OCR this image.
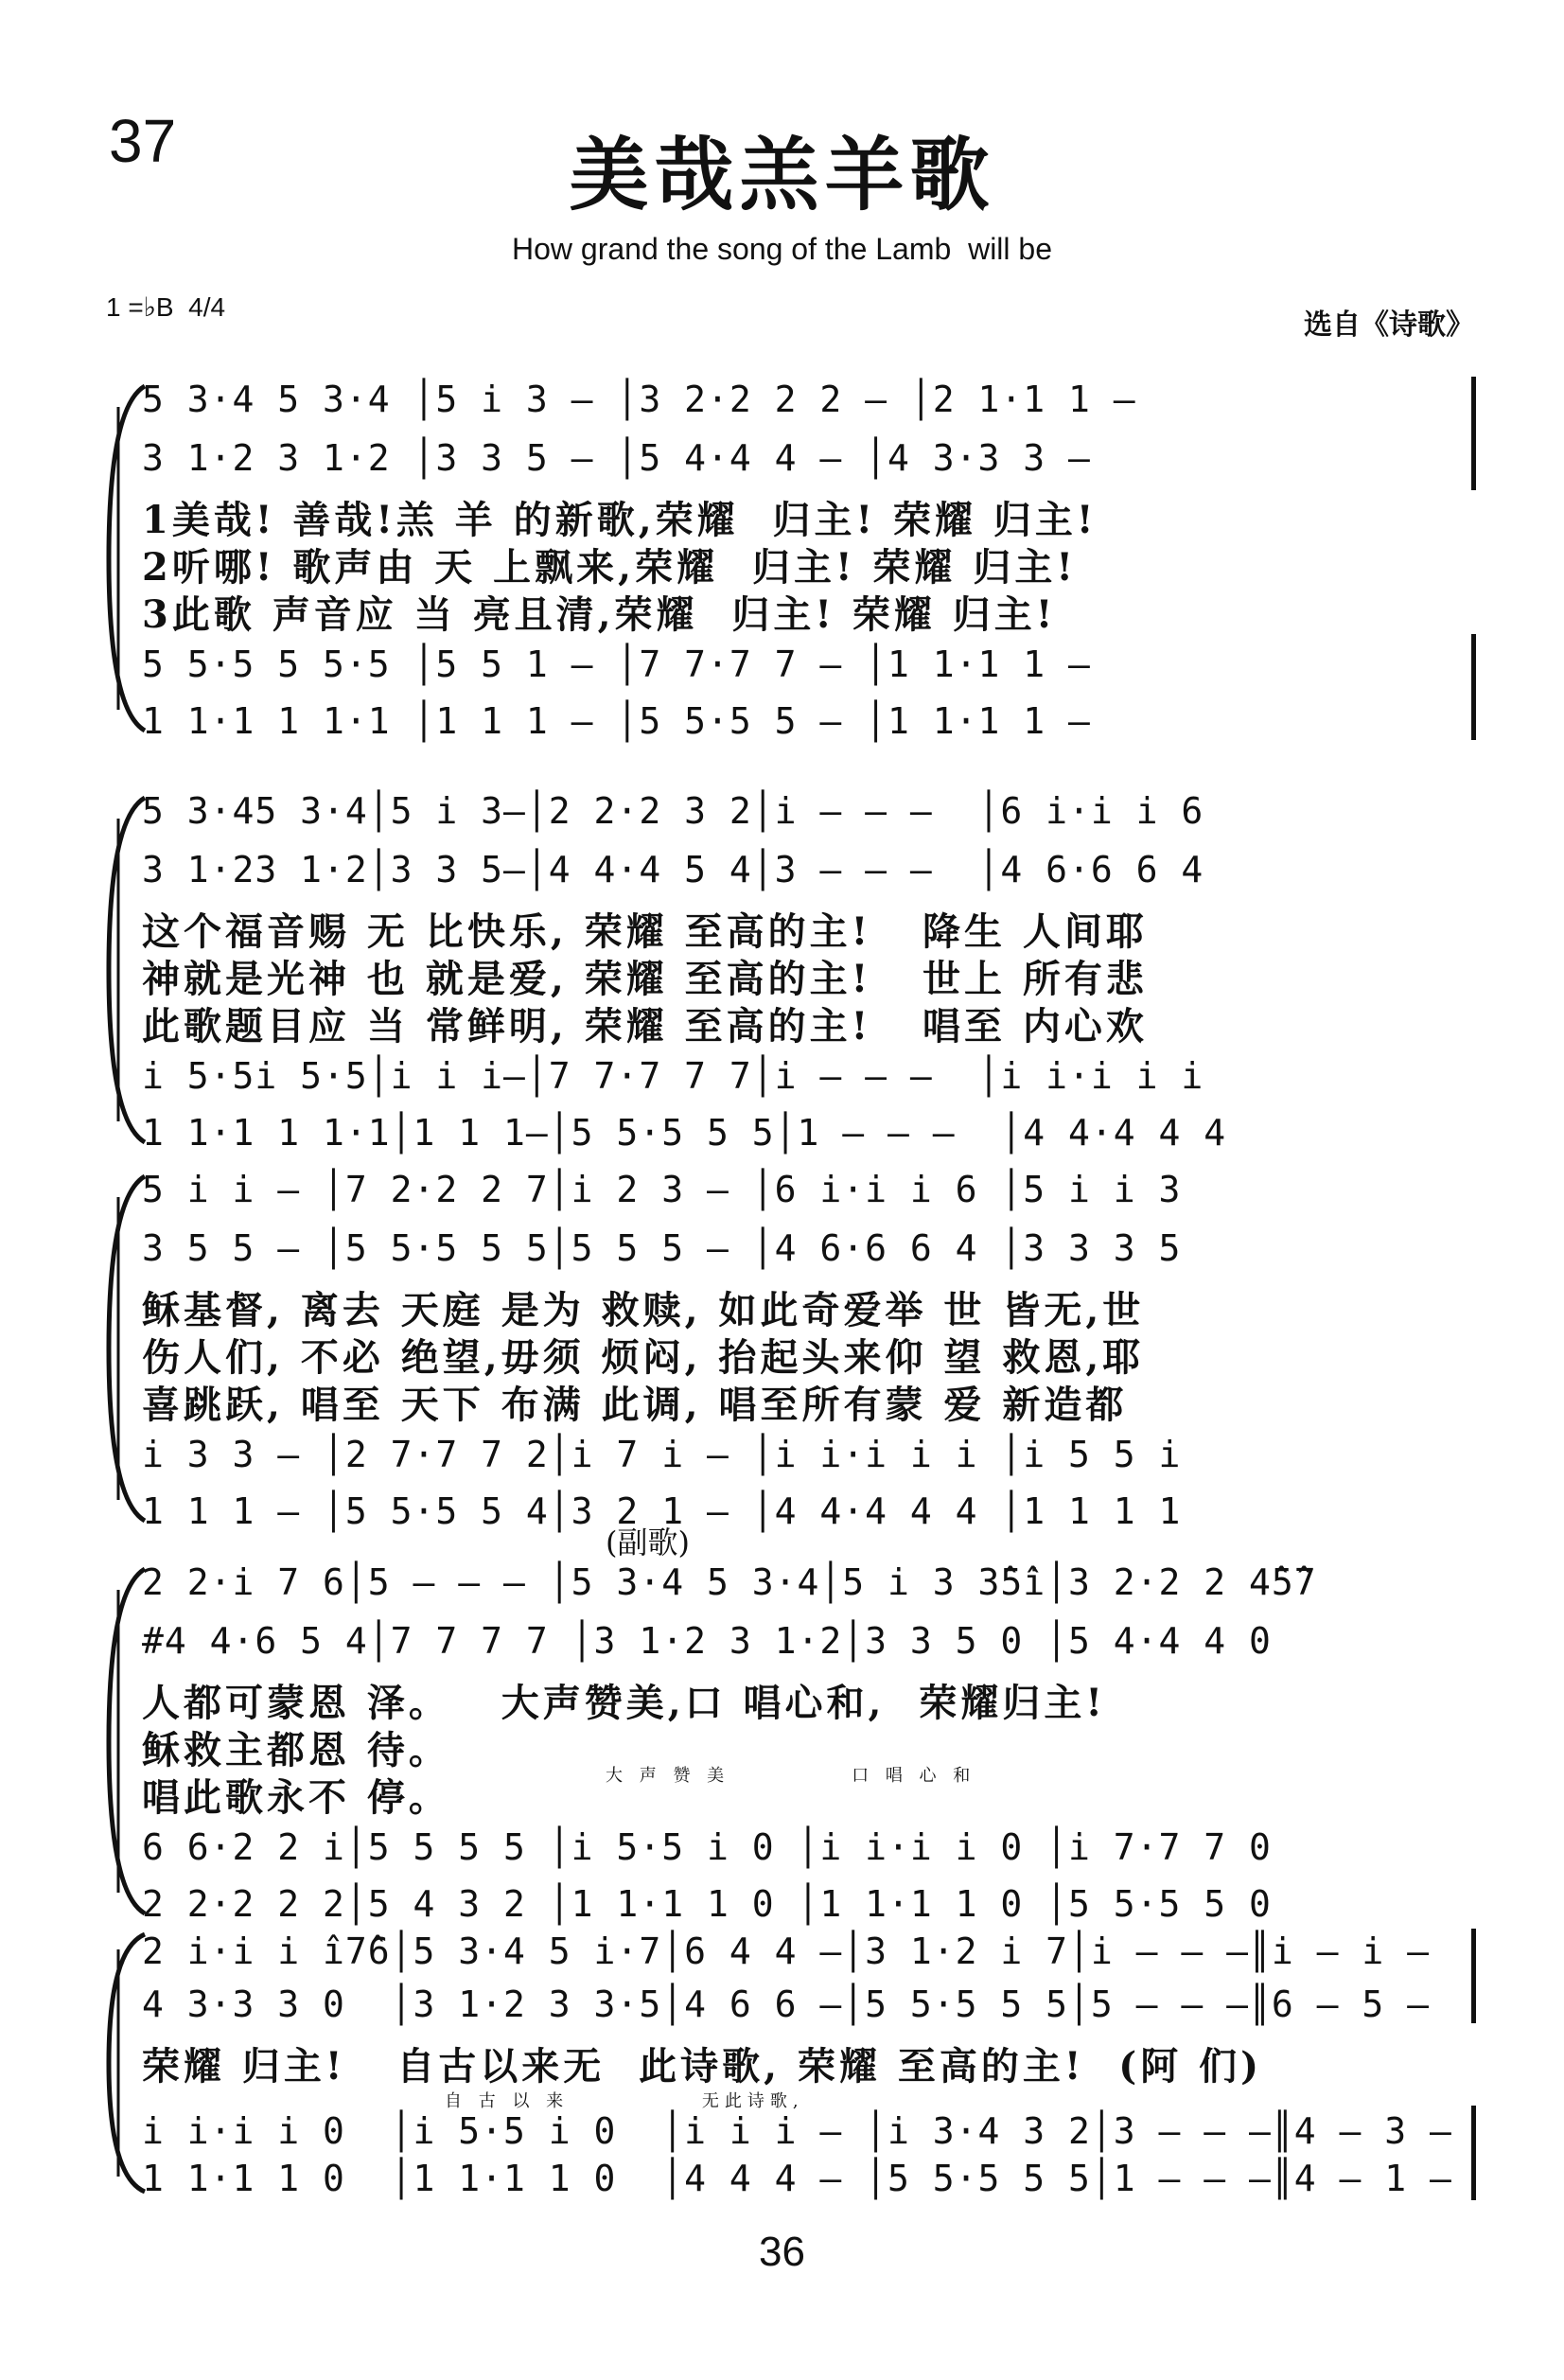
37	美哉羔羊歌
How grand the song of the Lamb  will be
1 =♭B  4/4
选自《诗歌》
5 3·4 5 3·4 │5 i 3 – │3 2·2 2 2 – │2 1·1 1 –
3 1·2 3 1·2 │3 3 5 – │5 4·4 4 – │4 3·3 3 –
1美哉! 善哉!羔 羊 的新歌,荣耀  归主! 荣耀 归主!
2听哪! 歌声由 天 上飘来,荣耀  归主! 荣耀 归主!
3此歌 声音应 当 亮且清,荣耀  归主! 荣耀 归主!
5 5·5 5 5·5 │5 5 1 – │7 7·7 7 – │1 1·1 1 –
1 1·1 1 1·1 │1 1 1 – │5 5·5 5 – │1 1·1 1 –
5 3·45 3·4│5 i 3–│2 2·2 3 2│i – – –  │6 i·i i 6
3 1·23 1·2│3 3 5–│4 4·4 5 4│3 – – –  │4 6·6 6 4
这个福音赐 无 比快乐, 荣耀 至高的主!   降生 人间耶
神就是光神 也 就是爱, 荣耀 至高的主!   世上 所有悲
此歌题目应 当 常鲜明, 荣耀 至高的主!   唱至 内心欢
i 5·5i 5·5│i i i–│7 7·7 7 7│i – – –  │i i·i i i
1 1·1 1 1·1│1 1 1–│5 5·5 5 5│1 – – –  │4 4·4 4 4
5 i i – │7 2·2 2 7│i 2 3 – │6 i·i i 6 │5 i i 3
3 5 5 – │5 5·5 5 5│5 5 5 – │4 6·6 6 4 │3 3 3 5
稣基督, 离去 天庭 是为 救赎, 如此奇爱举 世 皆无,世
伤人们, 不必 绝望,毋须 烦闷, 抬起头来仰 望 救恩,耶
喜跳跃, 唱至 天下 布满 此调, 唱至所有蒙 爱 新造都
i 3 3 – │2 7·7 7 2│i 7 i – │i i·i i i │i 5 5 i
1 1 1 – │5 5·5 5 4│3 2 1 – │4 4·4 4 4 │1 1 1 1
(副歌)
2 2·i 7 6│5 – – – │5 3·4 5 3·4│5 i 3 3̂5̂i│3 2·2 2 4̂5̂7
#4 4·6 5 4│7 7 7 7 │3 1·2 3 1·2│3 3 5 0 │5 4·4 4 0
人都可蒙恩 泽。   大声赞美,口 唱心和,  荣耀归主!
稣救主都恩 待。
唱此歌永不 停。	大 声 赞 美           口 唱 心 和
6 6·2 2 i│5 5 5 5 │i 5·5 i 0 │i i·i i 0 │i 7·7 7 0
2 2·2 2 2│5 4 3 2 │1 1·1 1 0 │1 1·1 1 0 │5 5·5 5 0
2 i·i i î7̂6│5 3·4 5 i·7│6 4 4 –│3 1·2 i 7│i – – –║i – i –
4 3·3 3 0  │3 1·2 3 3·5│4 6 6 –│5 5·5 5 5│5 – – –║6 – 5 –
荣耀 归主!   自古以来无  此诗歌, 荣耀 至高的主!  (阿 们)
自 古 以 来            无此诗歌,
i i·i i 0  │i 5·5 i 0  │i i i – │i 3·4 3 2│3 – – –║4 – 3 –
1 1·1 1 0  │1 1·1 1 0  │4 4 4 – │5 5·5 5 5│1 – – –║4 – 1 –
36
